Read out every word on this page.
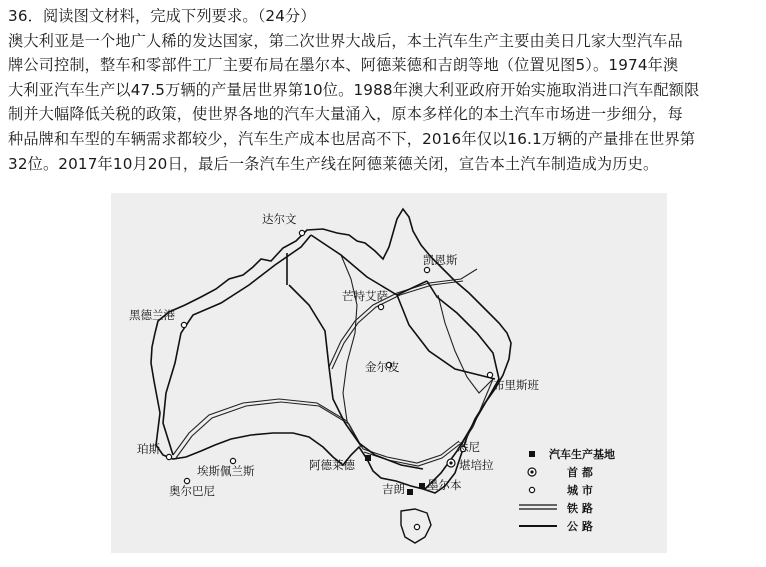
36．阅读图文材料，完成下列要求。（24分）
澳大利亚是一个地广人稀的发达国家，第二次世界大战后，本土汽车生产主要由美日几家大型汽车品
牌公司控制，整车和零部件工厂主要布局在墨尔本、阿德莱德和吉朗等地（位置见图5）。1974年澳
大利亚汽车生产以47.5万辆的产量居世界第10位。1988年澳大利亚政府开始实施取消进口汽车配额限
制并大幅降低关税的政策，使世界各地的汽车大量涌入，原本多样化的本土汽车市场进一步细分，每
种品牌和车型的车辆需求都较少，汽车生产成本也居高不下，2016年仅以16.1万辆的产量排在世界第
32位。2017年10月20日，最后一条汽车生产线在阿德莱德关闭，宣告本土汽车制造成为历史。
达尔文
凯恩斯
芒特艾萨
黑德兰港
金尔皮
布里斯班
珀斯
埃斯佩兰斯
奥尔巴尼
阿德莱德
悉尼
堪培拉
墨尔本
吉朗
汽车生产基地
首 都
城 市
铁 路
公 路
